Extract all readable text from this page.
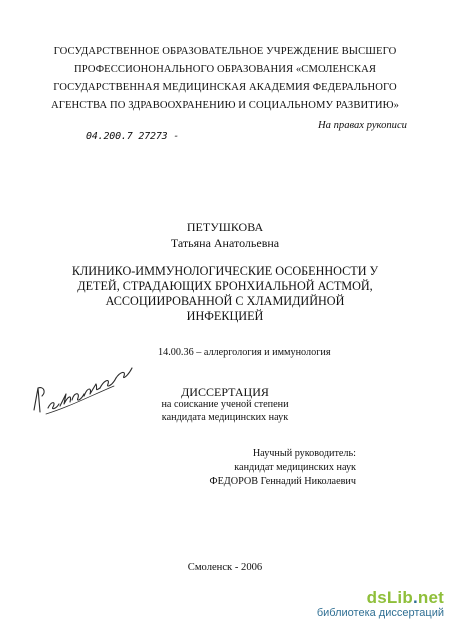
ГОСУДАРСТВЕННОЕ ОБРАЗОВАТЕЛЬНОЕ УЧРЕЖДЕНИЕ ВЫСШЕГО
ПРОФЕССИОНОНАЛЬНОГО ОБРАЗОВАНИЯ «СМОЛЕНСКАЯ
ГОСУДАРСТВЕННАЯ МЕДИЦИНСКАЯ АКАДЕМИЯ ФЕДЕРАЛЬНОГО
АГЕНСТВА ПО ЗДРАВООХРАНЕНИЮ И СОЦИАЛЬНОМУ РАЗВИТИЮ»
На правах рукописи
04.200.7 27273 -
ПЕТУШКОВА
Татьяна Анатольевна
КЛИНИКО-ИММУНОЛОГИЧЕСКИЕ ОСОБЕННОСТИ У
ДЕТЕЙ, СТРАДАЮЩИХ БРОНХИАЛЬНОЙ АСТМОЙ,
АССОЦИИРОВАННОЙ С ХЛАМИДИЙНОЙ
ИНФЕКЦИЕЙ
14.00.36 – аллергология и иммунология
ДИССЕРТАЦИЯ
на соискание ученой степени
кандидата медицинских наук
Научный руководитель:
кандидат медицинских наук
ФЕДОРОВ Геннадий Николаевич
Смоленск - 2006
dsLib.net
библиотека диссертаций
